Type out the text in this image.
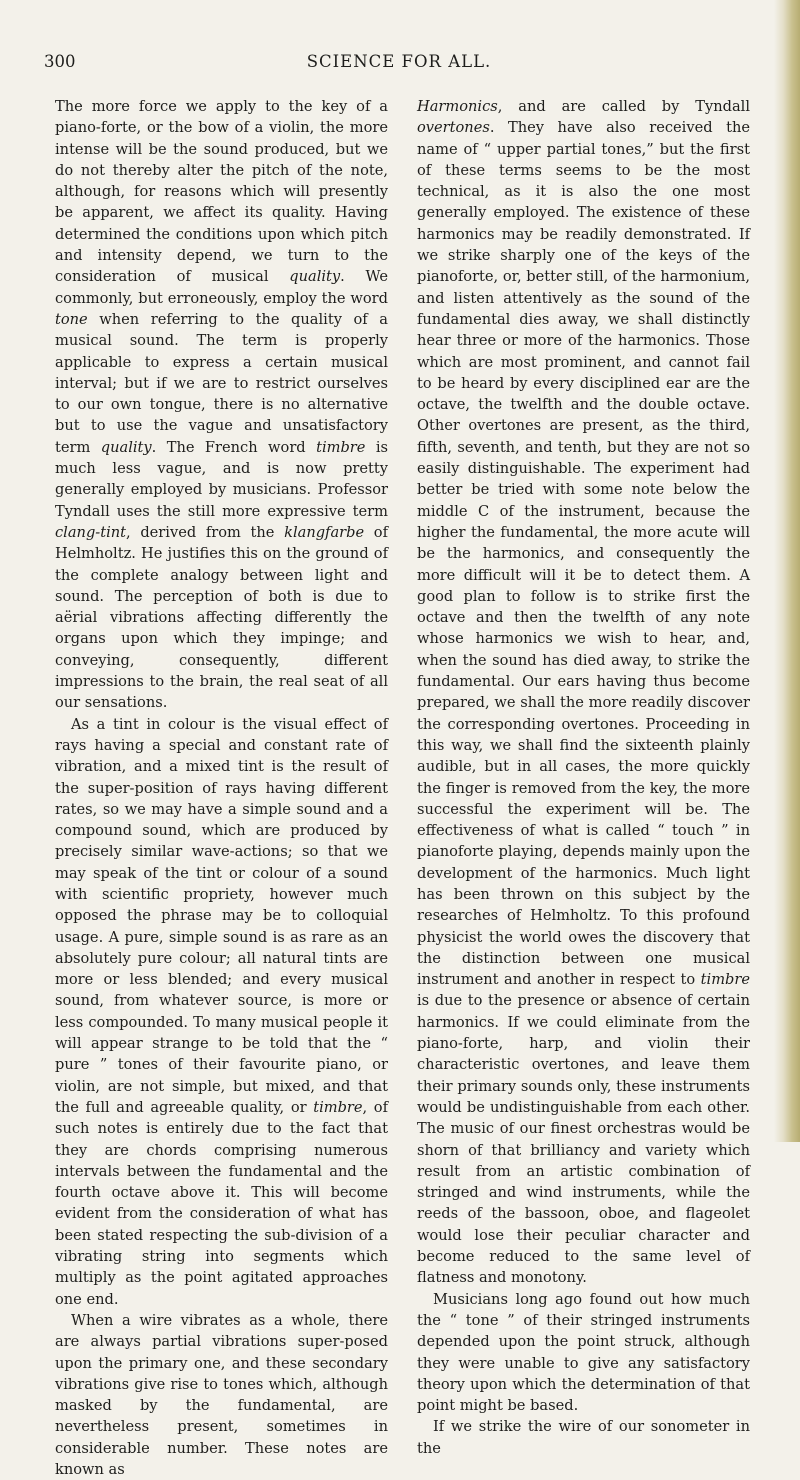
300	SCIENCE FOR ALL.

The more force we apply to the key of a piano-forte, or the bow of a violin, the more intense will be the sound produced, but we do not thereby alter the pitch of the note, although, for reasons which will presently be apparent, we affect its quality. Having determined the conditions upon which pitch and intensity depend, we turn to the consideration of musical quality. We commonly, but erroneously, employ the word tone when referring to the quality of a musical sound. The term is properly applicable to express a certain musical interval; but if we are to restrict ourselves to our own tongue, there is no alternative but to use the vague and unsatisfactory term quality. The French word timbre is much less vague, and is now pretty generally employed by musicians. Professor Tyndall uses the still more expressive term clang-tint, derived from the klangfarbe of Helmholtz. He justifies this on the ground of the complete analogy between light and sound. The perception of both is due to aërial vibrations affecting differently the organs upon which they impinge; and conveying, consequently, different impressions to the brain, the real seat of all our sensations.

As a tint in colour is the visual effect of rays having a special and constant rate of vibration, and a mixed tint is the result of the super-position of rays having different rates, so we may have a simple sound and a compound sound, which are produced by precisely similar wave-actions; so that we may speak of the tint or colour of a sound with scientific propriety, however much opposed the phrase may be to colloquial usage. A pure, simple sound is as rare as an absolutely pure colour; all natural tints are more or less blended; and every musical sound, from whatever source, is more or less compounded. To many musical people it will appear strange to be told that the “ pure ” tones of their favourite piano, or violin, are not simple, but mixed, and that the full and agreeable quality, or timbre, of such notes is entirely due to the fact that they are chords comprising numerous intervals between the fundamental and the fourth octave above it. This will become evident from the consideration of what has been stated respecting the sub-division of a vibrating string into segments which multiply as the point agitated approaches one end.

When a wire vibrates as a whole, there are always partial vibrations super-posed upon the primary one, and these secondary vibrations give rise to tones which, although masked by the fundamental, are nevertheless present, sometimes in considerable number. These notes are known as

Harmonics, and are called by Tyndall overtones. They have also received the name of “ upper partial tones,” but the first of these terms seems to be the most technical, as it is also the one most generally employed. The existence of these harmonics may be readily demonstrated. If we strike sharply one of the keys of the pianoforte, or, better still, of the harmonium, and listen attentively as the sound of the fundamental dies away, we shall distinctly hear three or more of the harmonics. Those which are most prominent, and cannot fail to be heard by every disciplined ear are the octave, the twelfth and the double octave. Other overtones are present, as the third, fifth, seventh, and tenth, but they are not so easily distinguishable. The experiment had better be tried with some note below the middle C of the instrument, because the higher the fundamental, the more acute will be the harmonics, and consequently the more difficult will it be to detect them. A good plan to follow is to strike first the octave and then the twelfth of any note whose harmonics we wish to hear, and, when the sound has died away, to strike the fundamental. Our ears having thus become prepared, we shall the more readily discover the corresponding overtones. Proceeding in this way, we shall find the sixteenth plainly audible, but in all cases, the more quickly the finger is removed from the key, the more successful the experiment will be. The effectiveness of what is called “ touch ” in pianoforte playing, depends mainly upon the development of the harmonics. Much light has been thrown on this subject by the researches of Helmholtz. To this profound physicist the world owes the discovery that the distinction between one musical instrument and another in respect to timbre is due to the presence or absence of certain harmonics. If we could eliminate from the piano-forte, harp, and violin their characteristic overtones, and leave them their primary sounds only, these instruments would be undistinguishable from each other. The music of our finest orchestras would be shorn of that brilliancy and variety which result from an artistic combination of stringed and wind instruments, while the reeds of the bassoon, oboe, and flageolet would lose their peculiar character and become reduced to the same level of flatness and monotony.

Musicians long ago found out how much the “ tone ” of their stringed instruments depended upon the point struck, although they were unable to give any satisfactory theory upon which the determination of that point might be based.

If we strike the wire of our sonometer in the
